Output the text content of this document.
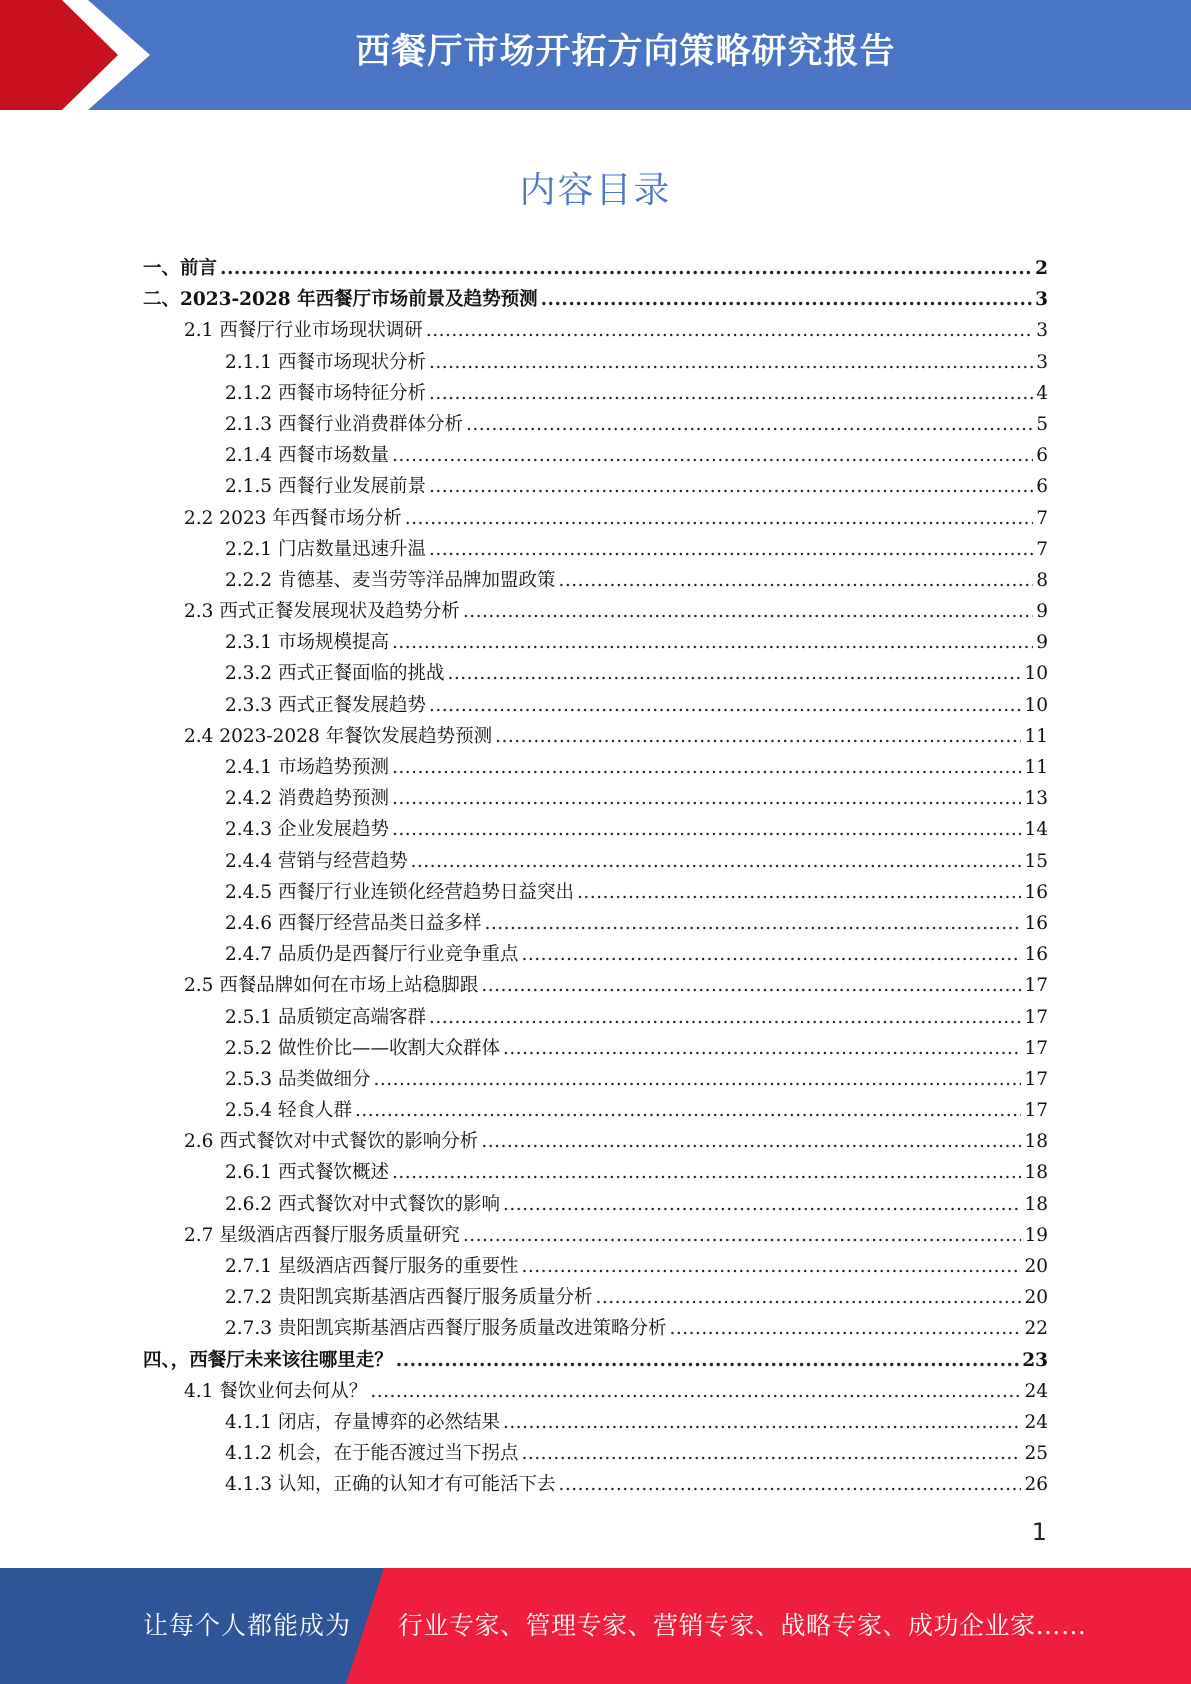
西餐厅市场开拓方向策略研究报告
内容目录
一、前言 .....	2
二、2023-2028 年西餐厅市场前景及趋势预测 .....	3
2.1 西餐厅行业市场现状调研 .....	3
2.1.1 西餐市场现状分析 .....	3
2.1.2 西餐市场特征分析 .....	4
2.1.3 西餐行业消费群体分析 .....	5
2.1.4 西餐市场数量 .....	6
2.1.5 西餐行业发展前景 .....	6
2.2 2023 年西餐市场分析 .....	7
2.2.1 门店数量迅速升温 .....	7
2.2.2 肯德基、麦当劳等洋品牌加盟政策 .....	8
2.3 西式正餐发展现状及趋势分析 .....	9
2.3.1 市场规模提高 .....	9
2.3.2 西式正餐面临的挑战 .....	10
2.3.3 西式正餐发展趋势 .....	10
2.4 2023-2028 年餐饮发展趋势预测 .....	11
2.4.1 市场趋势预测 .....	11
2.4.2 消费趋势预测 .....	13
2.4.3 企业发展趋势 .....	14
2.4.4 营销与经营趋势 .....	15
2.4.5 西餐厅行业连锁化经营趋势日益突出 .....	16
2.4.6 西餐厅经营品类日益多样 .....	16
2.4.7 品质仍是西餐厅行业竞争重点 .....	16
2.5 西餐品牌如何在市场上站稳脚跟 .....	17
2.5.1 品质锁定高端客群 .....	17
2.5.2 做性价比——收割大众群体 .....	17
2.5.3 品类做细分 .....	17
2.5.4 轻食人群 .....	17
2.6 西式餐饮对中式餐饮的影响分析 .....	18
2.6.1 西式餐饮概述 .....	18
2.6.2 西式餐饮对中式餐饮的影响 .....	18
2.7 星级酒店西餐厅服务质量研究 .....	19
2.7.1 星级酒店西餐厅服务的重要性 .....	20
2.7.2 贵阳凯宾斯基酒店西餐厅服务质量分析 .....	20
2.7.3 贵阳凯宾斯基酒店西餐厅服务质量改进策略分析 .....	22
四、，西餐厅未来该往哪里走？ .....	23
4.1 餐饮业何去何从？ .....	24
4.1.1 闭店，存量博弈的必然结果 .....	24
4.1.2 机会，在于能否渡过当下拐点 .....	25
4.1.3 认知，正确的认知才有可能活下去 .....	26
1
让每个人都能成为 行业专家、管理专家、营销专家、战略专家、成功企业家……
